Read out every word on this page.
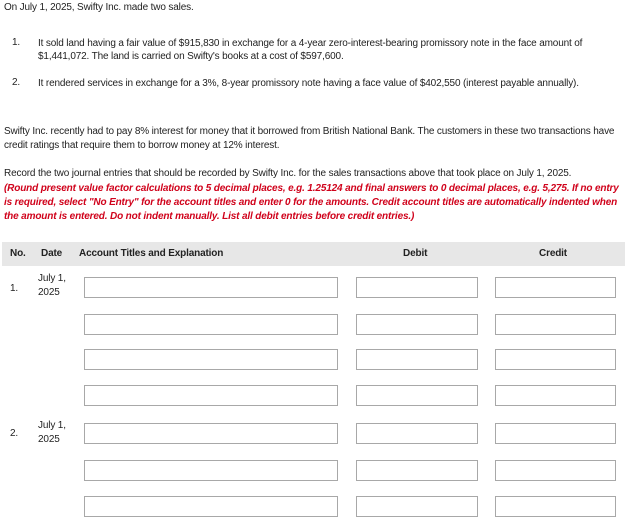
On July 1, 2025, Swifty Inc. made two sales.
1. It sold land having a fair value of $915,830 in exchange for a 4-year zero-interest-bearing promissory note in the face amount of $1,441,072. The land is carried on Swifty's books at a cost of $597,600.
2. It rendered services in exchange for a 3%, 8-year promissory note having a face value of $402,550 (interest payable annually).
Swifty Inc. recently had to pay 8% interest for money that it borrowed from British National Bank. The customers in these two transactions have credit ratings that require them to borrow money at 12% interest.
Record the two journal entries that should be recorded by Swifty Inc. for the sales transactions above that took place on July 1, 2025.
(Round present value factor calculations to 5 decimal places, e.g. 1.25124 and final answers to 0 decimal places, e.g. 5,275. If no entry is required, select "No Entry" for the account titles and enter 0 for the amounts. Credit account titles are automatically indented when the amount is entered. Do not indent manually. List all debit entries before credit entries.)
No. Date Account Titles and Explanation	Debit	Credit
1.
July 1,
2025
2.
July 1,
2025
